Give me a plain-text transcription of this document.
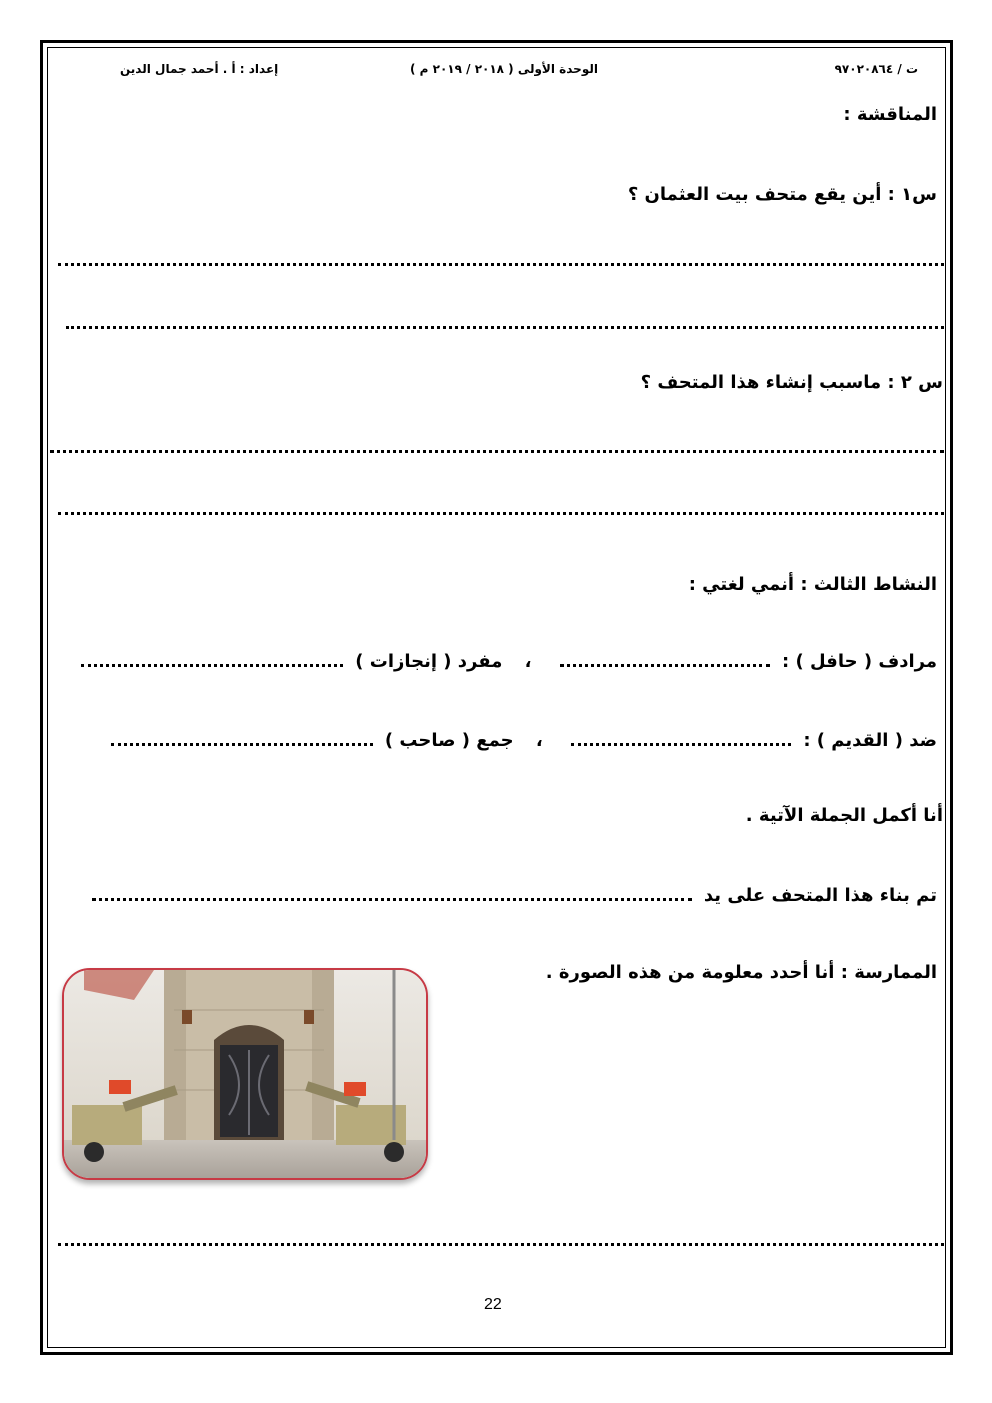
ت / ٩٧٠٢٠٨٦٤
الوحدة الأولى ( ٢٠١٨ / ٢٠١٩ م )
إعداد : أ . أحمد جمال الدين
المناقشة :
س١ : أين يقع متحف بيت العثمان ؟
س ٢ : ماسبب إنشاء هذا المتحف ؟
النشاط الثالث : أنمي لغتي :
مرادف ( حافل ) :  ، مفرد ( إنجازات )
ضد ( القديم ) :  ، جمع ( صاحب )
أنا أكمل الجملة الآتية .
تم بناء هذا المتحف على يد
الممارسة : أنا أحدد معلومة من هذه الصورة .
22
